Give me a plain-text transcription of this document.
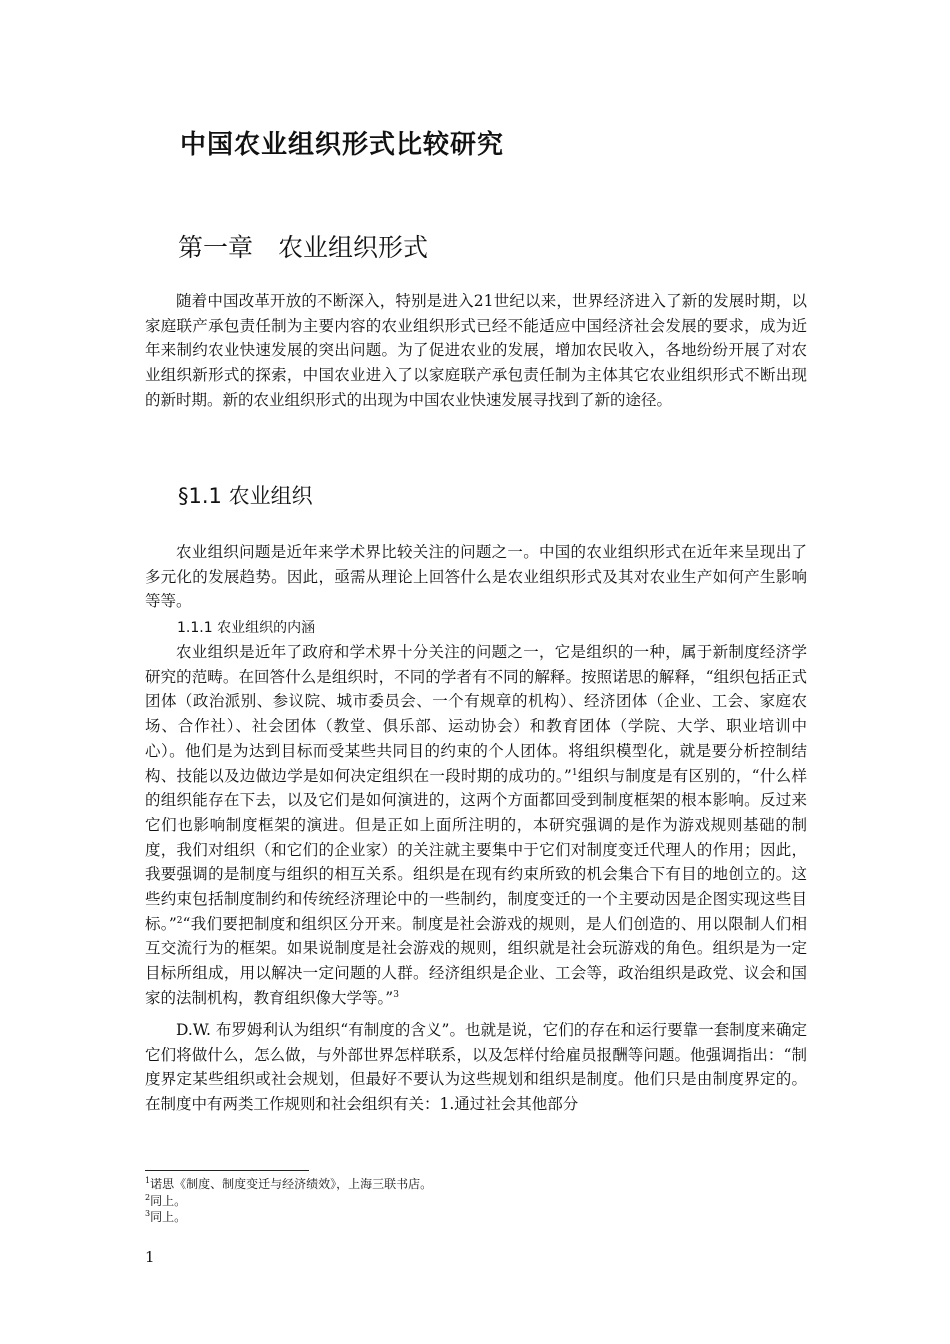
中国农业组织形式比较研究
第一章　农业组织形式

随着中国改革开放的不断深入，特别是进入21世纪以来，世界经济进入了新的发展时期，以家庭联产承包责任制为主要内容的农业组织形式已经不能适应中国经济社会发展的要求，成为近年来制约农业快速发展的突出问题。为了促进农业的发展，增加农民收入，各地纷纷开展了对农业组织新形式的探索，中国农业进入了以家庭联产承包责任制为主体其它农业组织形式不断出现的新时期。新的农业组织形式的出现为中国农业快速发展寻找到了新的途径。

§1.1 农业组织

农业组织问题是近年来学术界比较关注的问题之一。中国的农业组织形式在近年来呈现出了多元化的发展趋势。因此，亟需从理论上回答什么是农业组织形式及其对农业生产如何产生影响等等。

1.1.1 农业组织的内涵

农业组织是近年了政府和学术界十分关注的问题之一，它是组织的一种，属于新制度经济学研究的范畴。在回答什么是组织时，不同的学者有不同的解释。按照诺思的解释，“组织包括正式团体（政治派别、参议院、城市委员会、一个有规章的机构）、经济团体（企业、工会、家庭农场、合作社）、社会团体（教堂、俱乐部、运动协会）和教育团体（学院、大学、职业培训中心）。他们是为达到目标而受某些共同目的约束的个人团体。将组织模型化，就是要分析控制结构、技能以及边做边学是如何决定组织在一段时期的成功的。”$^1$组织与制度是有区别的，“什么样的组织能存在下去，以及它们是如何演进的，这两个方面都回受到制度框架的根本影响。反过来它们也影响制度框架的演进。但是正如上面所注明的，本研究强调的是作为游戏规则基础的制度，我们对组织（和它们的企业家）的关注就主要集中于它们对制度变迁代理人的作用；因此，我要强调的是制度与组织的相互关系。组织是在现有约束所致的机会集合下有目的地创立的。这些约束包括制度制约和传统经济理论中的一些制约，制度变迁的一个主要动因是企图实现这些目标。”$^2$“我们要把制度和组织区分开来。制度是社会游戏的规则，是人们创造的、用以限制人们相互交流行为的框架。如果说制度是社会游戏的规则，组织就是社会玩游戏的角色。组织是为一定目标所组成，用以解决一定问题的人群。经济组织是企业、工会等，政治组织是政党、议会和国家的法制机构，教育组织像大学等。”$^3$

D.W. 布罗姆利认为组织“有制度的含义”。也就是说，它们的存在和运行要靠一套制度来确定它们将做什么，怎么做，与外部世界怎样联系，以及怎样付给雇员报酬等问题。他强调指出：“制度界定某些组织或社会规划，但最好不要认为这些规划和组织是制度。他们只是由制度界定的。在制度中有两类工作规则和社会组织有关：1.通过社会其他部分

$^1$诺思《制度、制度变迁与经济绩效》，上海三联书店。
$^2$同上。
$^3$同上。
1
